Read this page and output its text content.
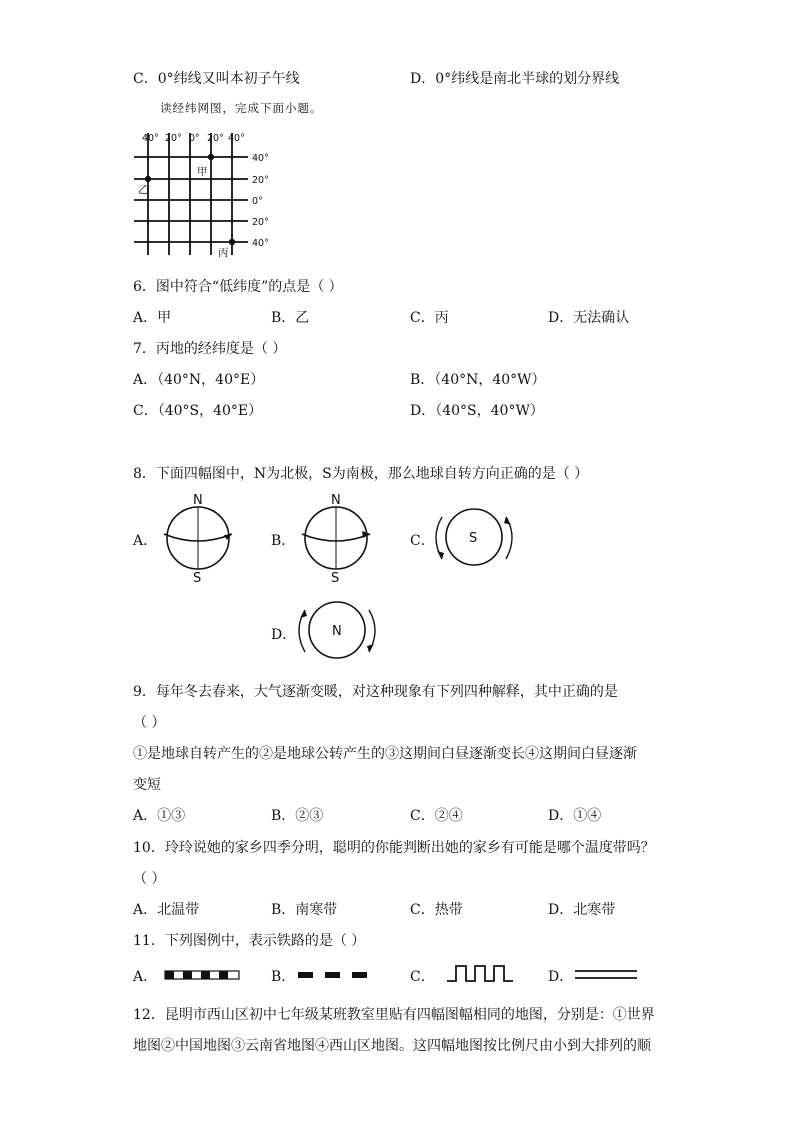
C．0°纬线又叫本初子午线	D．0°纬线是南北半球的划分界线
读经纬网图，完成下面小题。
40° 20° 0° 20° 40°
40°
20°
0°
20°
40°
甲
乙
丙
6．图中符合“低纬度”的点是（ ）
A．甲	B．乙	C．丙	D．无法确认
7．丙地的经纬度是（ ）
A．（40°N，40°E）	B．（40°N，40°W）
C．（40°S，40°E）	D．（40°S，40°W）
8．下面四幅图中，N为北极，S为南极，那么地球自转方向正确的是（ ）
A．
N
S
B．
N
S
C．	S
D．	N
9．每年冬去春来，大气逐渐变暖，对这种现象有下列四种解释，其中正确的是
（ ）
①是地球自转产生的②是地球公转产生的③这期间白昼逐渐变长④这期间白昼逐渐
变短
A．①③	B．②③	C．②④	D．①④
10．玲玲说她的家乡四季分明，聪明的你能判断出她的家乡有可能是哪个温度带吗？
（ ）
A．北温带	B．南寒带	C．热带	D．北寒带
11．下列图例中，表示铁路的是（ ）
A．	B．	C．	D．
12．昆明市西山区初中七年级某班教室里贴有四幅图幅相同的地图，分别是：①世界
地图②中国地图③云南省地图④西山区地图。这四幅地图按比例尺由小到大排列的顺
